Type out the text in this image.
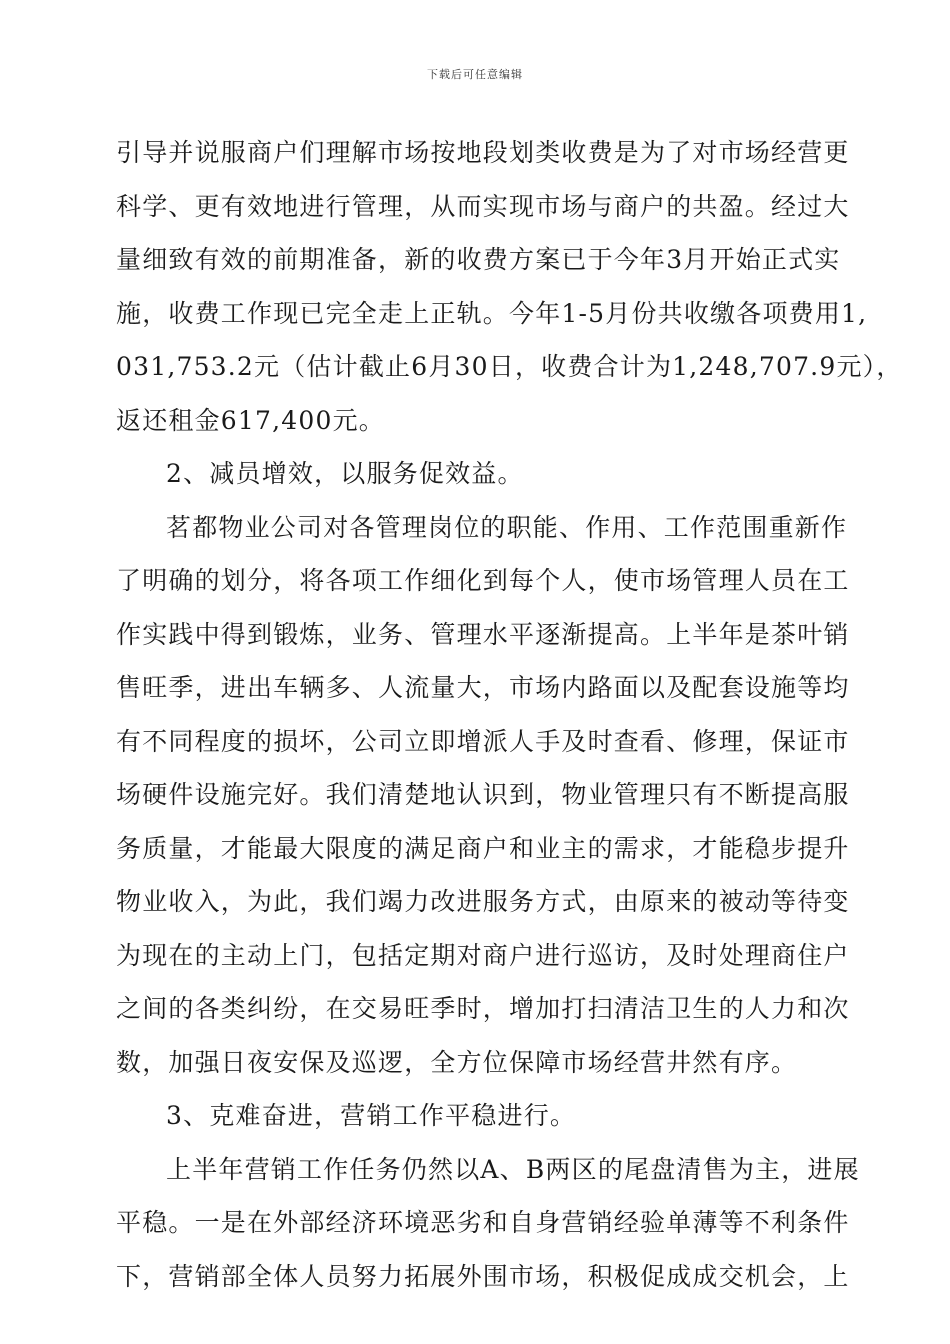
下载后可任意编辑
引导并说服商户们理解市场按地段划类收费是为了对市场经营更
科学、更有效地进行管理，从而实现市场与商户的共盈。经过大
量细致有效的前期准备，新的收费方案已于今年3月开始正式实
施，收费工作现已完全走上正轨。今年1-5月份共收缴各项费用1,
031,753.2元（估计截止6月30日，收费合计为1,248,707.9元），
返还租金617,400元。
2、减员增效，以服务促效益。
茗都物业公司对各管理岗位的职能、作用、工作范围重新作
了明确的划分，将各项工作细化到每个人，使市场管理人员在工
作实践中得到锻炼，业务、管理水平逐渐提高。上半年是茶叶销
售旺季，进出车辆多、人流量大，市场内路面以及配套设施等均
有不同程度的损坏，公司立即增派人手及时查看、修理，保证市
场硬件设施完好。我们清楚地认识到，物业管理只有不断提高服
务质量，才能最大限度的满足商户和业主的需求，才能稳步提升
物业收入，为此，我们竭力改进服务方式，由原来的被动等待变
为现在的主动上门，包括定期对商户进行巡访，及时处理商住户
之间的各类纠纷，在交易旺季时，增加打扫清洁卫生的人力和次
数，加强日夜安保及巡逻，全方位保障市场经营井然有序。
3、克难奋进，营销工作平稳进行。
上半年营销工作任务仍然以A、B两区的尾盘清售为主，进展
平稳。一是在外部经济环境恶劣和自身营销经验单薄等不利条件
下，营销部全体人员努力拓展外围市场，积极促成成交机会，上
